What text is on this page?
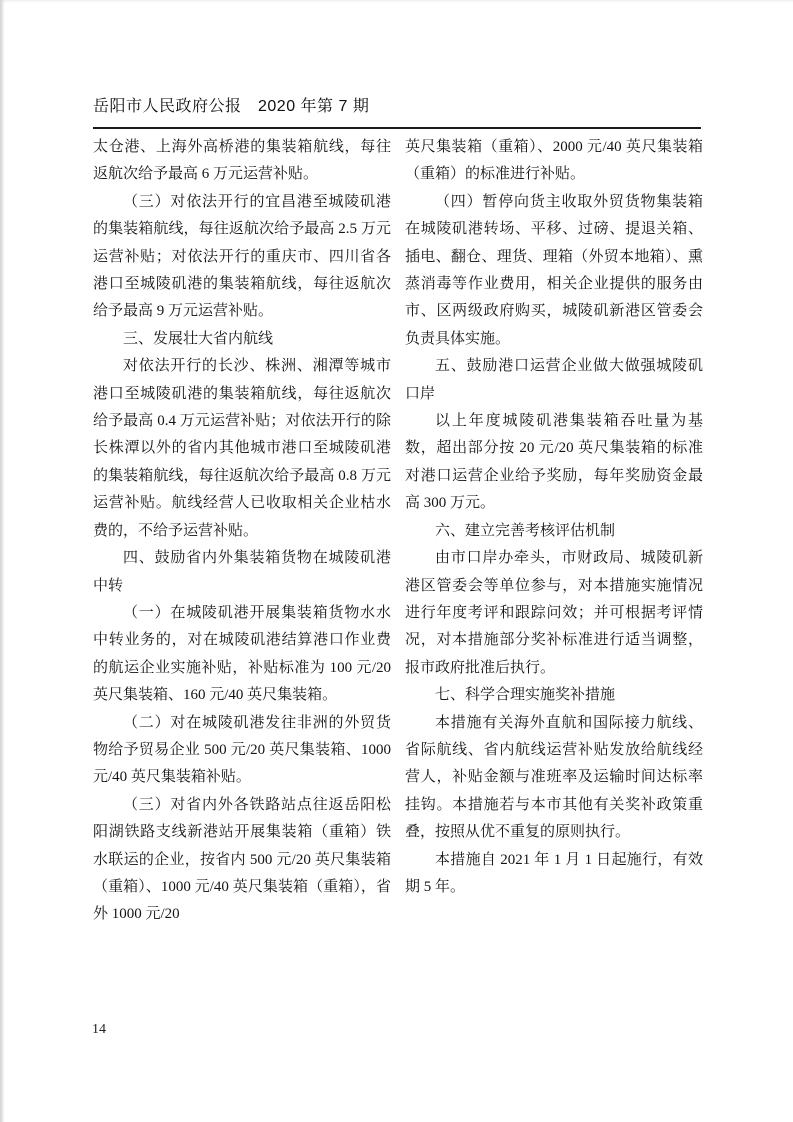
岳阳市人民政府公报　2020 年第 7 期

太仓港、上海外高桥港的集装箱航线，每往返航次给予最高 6 万元运营补贴。

（三）对依法开行的宜昌港至城陵矶港的集装箱航线，每往返航次给予最高 2.5 万元运营补贴；对依法开行的重庆市、四川省各港口至城陵矶港的集装箱航线，每往返航次给予最高 9 万元运营补贴。

三、发展壮大省内航线

对依法开行的长沙、株洲、湘潭等城市港口至城陵矶港的集装箱航线，每往返航次给予最高 0.4 万元运营补贴；对依法开行的除长株潭以外的省内其他城市港口至城陵矶港的集装箱航线，每往返航次给予最高 0.8 万元运营补贴。航线经营人已收取相关企业枯水费的，不给予运营补贴。

四、鼓励省内外集装箱货物在城陵矶港中转

（一）在城陵矶港开展集装箱货物水水中转业务的，对在城陵矶港结算港口作业费的航运企业实施补贴，补贴标准为 100 元/20 英尺集装箱、160 元/40 英尺集装箱。

（二）对在城陵矶港发往非洲的外贸货物给予贸易企业 500 元/20 英尺集装箱、1000 元/40 英尺集装箱补贴。

（三）对省内外各铁路站点往返岳阳松阳湖铁路支线新港站开展集装箱（重箱）铁水联运的企业，按省内 500 元/20 英尺集装箱（重箱）、1000 元/40 英尺集装箱（重箱），省外 1000 元/20

英尺集装箱（重箱）、2000 元/40 英尺集装箱（重箱）的标准进行补贴。

（四）暂停向货主收取外贸货物集装箱在城陵矶港转场、平移、过磅、提退关箱、插电、翻仓、理货、理箱（外贸本地箱）、熏蒸消毒等作业费用，相关企业提供的服务由市、区两级政府购买，城陵矶新港区管委会负责具体实施。

五、鼓励港口运营企业做大做强城陵矶口岸

以上年度城陵矶港集装箱吞吐量为基数，超出部分按 20 元/20 英尺集装箱的标准对港口运营企业给予奖励，每年奖励资金最高 300 万元。

六、建立完善考核评估机制

由市口岸办牵头，市财政局、城陵矶新港区管委会等单位参与，对本措施实施情况进行年度考评和跟踪问效；并可根据考评情况，对本措施部分奖补标准进行适当调整，报市政府批准后执行。

七、科学合理实施奖补措施

本措施有关海外直航和国际接力航线、省际航线、省内航线运营补贴发放给航线经营人，补贴金额与准班率及运输时间达标率挂钩。本措施若与本市其他有关奖补政策重叠，按照从优不重复的原则执行。

本措施自 2021 年 1 月 1 日起施行，有效期 5 年。

14
